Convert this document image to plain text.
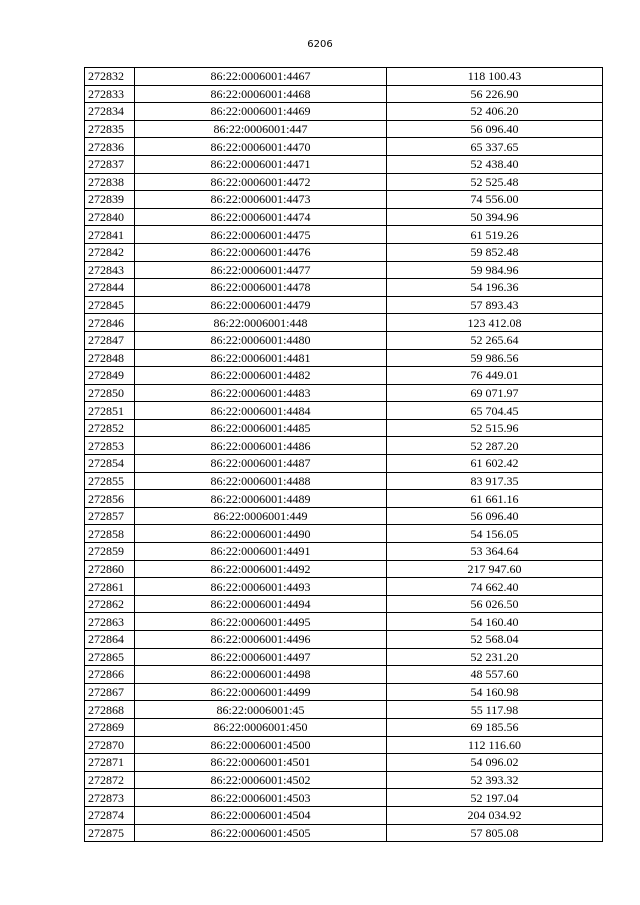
6206
272832	86:22:0006001:4467	118 100.43
272833	86:22:0006001:4468	56 226.90
272834	86:22:0006001:4469	52 406.20
272835	86:22:0006001:447	56 096.40
272836	86:22:0006001:4470	65 337.65
272837	86:22:0006001:4471	52 438.40
272838	86:22:0006001:4472	52 525.48
272839	86:22:0006001:4473	74 556.00
272840	86:22:0006001:4474	50 394.96
272841	86:22:0006001:4475	61 519.26
272842	86:22:0006001:4476	59 852.48
272843	86:22:0006001:4477	59 984.96
272844	86:22:0006001:4478	54 196.36
272845	86:22:0006001:4479	57 893.43
272846	86:22:0006001:448	123 412.08
272847	86:22:0006001:4480	52 265.64
272848	86:22:0006001:4481	59 986.56
272849	86:22:0006001:4482	76 449.01
272850	86:22:0006001:4483	69 071.97
272851	86:22:0006001:4484	65 704.45
272852	86:22:0006001:4485	52 515.96
272853	86:22:0006001:4486	52 287.20
272854	86:22:0006001:4487	61 602.42
272855	86:22:0006001:4488	83 917.35
272856	86:22:0006001:4489	61 661.16
272857	86:22:0006001:449	56 096.40
272858	86:22:0006001:4490	54 156.05
272859	86:22:0006001:4491	53 364.64
272860	86:22:0006001:4492	217 947.60
272861	86:22:0006001:4493	74 662.40
272862	86:22:0006001:4494	56 026.50
272863	86:22:0006001:4495	54 160.40
272864	86:22:0006001:4496	52 568.04
272865	86:22:0006001:4497	52 231.20
272866	86:22:0006001:4498	48 557.60
272867	86:22:0006001:4499	54 160.98
272868	86:22:0006001:45	55 117.98
272869	86:22:0006001:450	69 185.56
272870	86:22:0006001:4500	112 116.60
272871	86:22:0006001:4501	54 096.02
272872	86:22:0006001:4502	52 393.32
272873	86:22:0006001:4503	52 197.04
272874	86:22:0006001:4504	204 034.92
272875	86:22:0006001:4505	57 805.08
